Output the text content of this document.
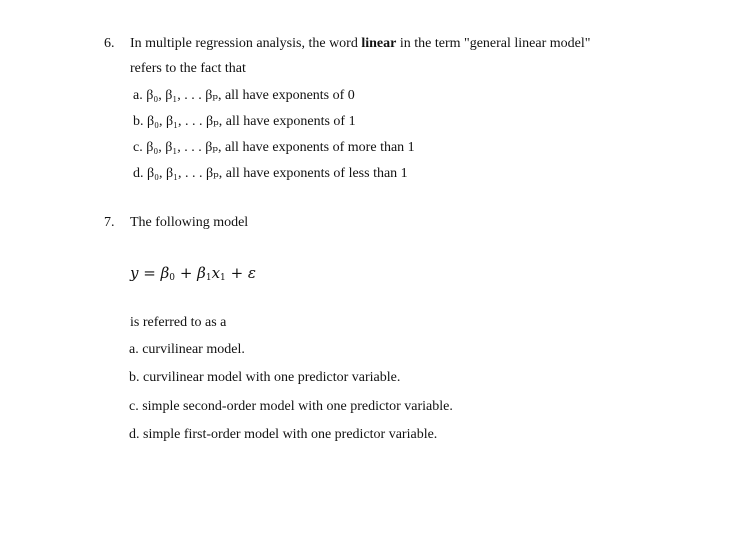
6. In multiple regression analysis, the word linear in the term "general linear model"
refers to the fact that
a. β₀, β₁, . . . βₚ, all have exponents of 0
b. β₀, β₁, . . . βₚ, all have exponents of 1
c. β₀, β₁, . . . βₚ, all have exponents of more than 1
d. β₀, β₁, . . . βₚ, all have exponents of less than 1
7. The following model
$y = \beta_0 + \beta_1x_1 + \varepsilon$
is referred to as a
a. curvilinear model.
b. curvilinear model with one predictor variable.
c. simple second-order model with one predictor variable.
d. simple first-order model with one predictor variable.
